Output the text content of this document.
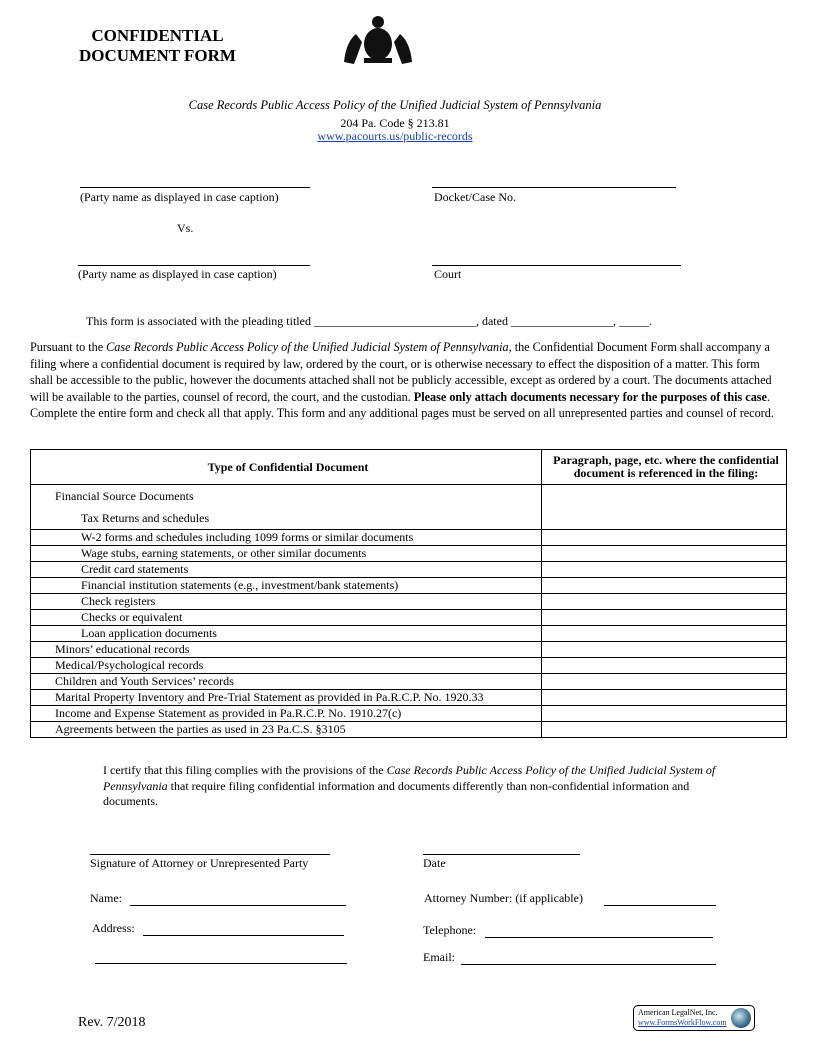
CONFIDENTIAL
DOCUMENT FORM
Case Records Public Access Policy of the Unified Judicial System of Pennsylvania
204 Pa. Code § 213.81
www.pacourts.us/public-records
(Party name as displayed in case caption)	Docket/Case No.
Vs.
(Party name as displayed in case caption)	Court
This form is associated with the pleading titled ___________________________, dated _________________, _____.
Pursuant to the Case Records Public Access Policy of the Unified Judicial System of Pennsylvania, the Confidential Document Form shall accompany a filing where a confidential document is required by law, ordered by the court, or is otherwise necessary to effect the disposition of a matter. This form shall be accessible to the public, however the documents attached shall not be publicly accessible, except as ordered by a court. The documents attached will be available to the parties, counsel of record, the court, and the custodian. Please only attach documents necessary for the purposes of this case. Complete the entire form and check all that apply. This form and any additional pages must be served on all unrepresented parties and counsel of record.
Type of Confidential Document	Paragraph, page, etc. where the confidential document is referenced in the filing:

Financial Source Documents
Tax Returns and schedules	

W-2 forms and schedules including 1099 forms or similar documents	
Wage stubs, earning statements, or other similar documents	
Credit card statements	
Financial institution statements (e.g., investment/bank statements)	
Check registers	
Checks or equivalent	
Loan application documents	
Minors’ educational records	
Medical/Psychological records	
Children and Youth Services’ records	
Marital Property Inventory and Pre-Trial Statement as provided in Pa.R.C.P. No. 1920.33	
Income and Expense Statement as provided in Pa.R.C.P. No. 1910.27(c)	
Agreements between the parties as used in 23 Pa.C.S. §3105	
I certify that this filing complies with the provisions of the Case Records Public Access Policy of the Unified Judicial System of Pennsylvania that require filing confidential information and documents differently than non-confidential information and documents.
Signature of Attorney or Unrepresented Party	Date
Name:	Attorney Number: (if applicable)
Address:	Telephone:
Email:
Rev. 7/2018
American LegalNet, Inc.
www.FormsWorkFlow.com
